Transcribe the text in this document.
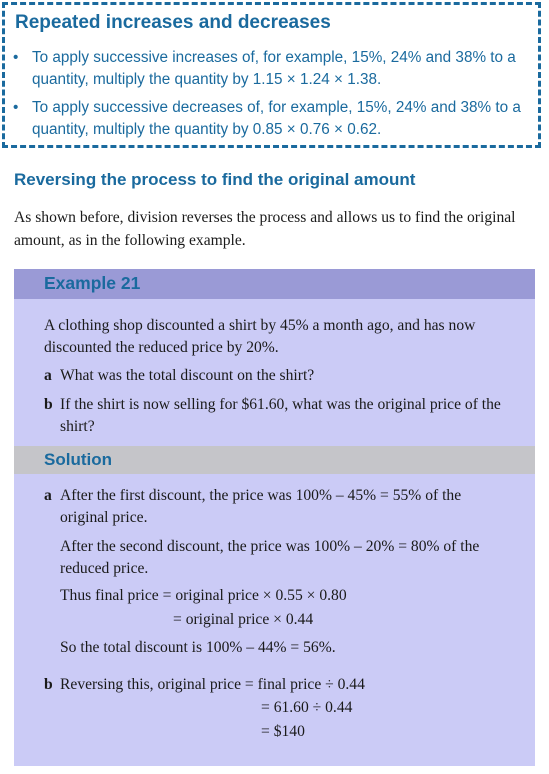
Repeated increases and decreases
• To apply successive increases of, for example, 15%, 24% and 38% to a quantity, multiply the quantity by 1.15 × 1.24 × 1.38.
• To apply successive decreases of, for example, 15%, 24% and 38% to a quantity, multiply the quantity by 0.85 × 0.76 × 0.62.
Reversing the process to find the original amount

As shown before, division reverses the process and allows us to find the original amount, as in the following example.

Example 21
A clothing shop discounted a shirt by 45% a month ago, and has now discounted the reduced price by 20%.
a What was the total discount on the shirt?
b If the shirt is now selling for $61.60, what was the original price of the shirt?
Solution
a After the first discount, the price was 100% – 45% = 55% of the original price.
After the second discount, the price was 100% – 20% = 80% of the reduced price.
Thus final price = original price × 0.55 × 0.80
= original price × 0.44
So the total discount is 100% – 44% = 56%.
b Reversing this, original price = final price ÷ 0.44
= 61.60 ÷ 0.44
= $140
